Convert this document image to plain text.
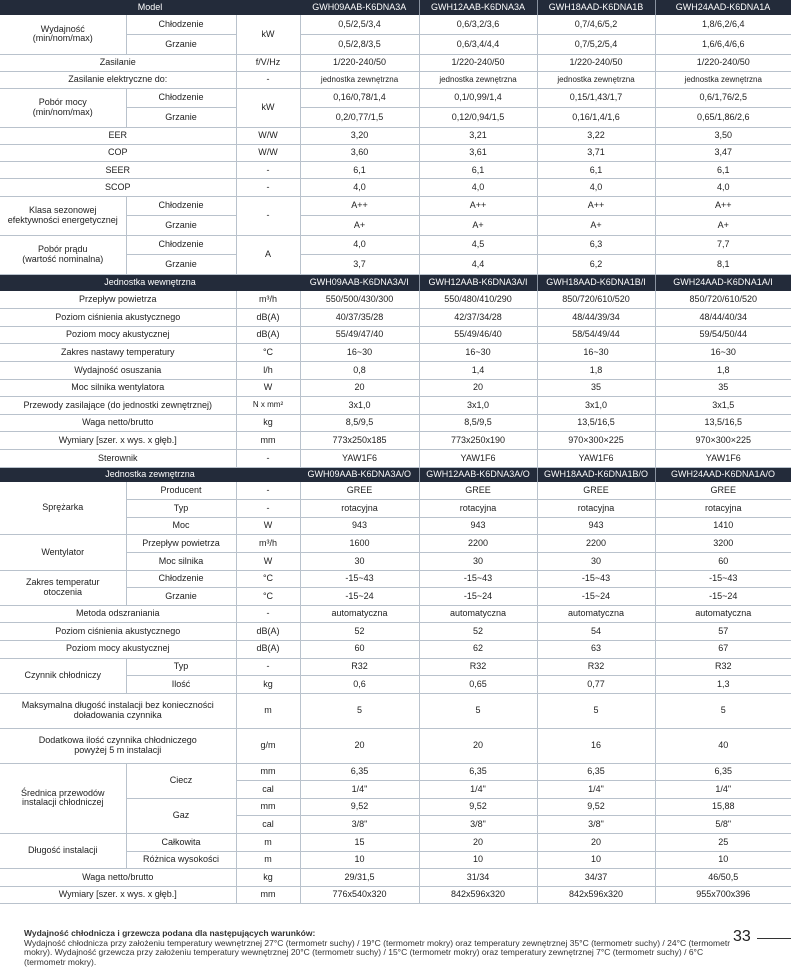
Model			GWH09AAB-K6DNA3A	GWH12AAB-K6DNA3A	GWH18AAD-K6DNA1B	GWH24AAD-K6DNA1A
Wydajność
(min/nom/max)	Chłodzenie	kW	0,5/2,5/3,4	0,6/3,2/3,6	0,7/4,6/5,2	1,8/6,2/6,4
	Grzanie		0,5/2,8/3,5	0,6/3,4/4,4	0,7/5,2/5,4	1,6/6,4/6,6
Zasilanie		f/V/Hz	1/220-240/50	1/220-240/50	1/220-240/50	1/220-240/50
Zasilanie elektryczne do:		-	jednostka zewnętrzna	jednostka zewnętrzna	jednostka zewnętrzna	jednostka zewnętrzna
Pobór mocy
(min/nom/max)	Chłodzenie	kW	0,16/0,78/1,4	0,1/0,99/1,4	0,15/1,43/1,7	0,6/1,76/2,5
	Grzanie		0,2/0,77/1,5	0,12/0,94/1,5	0,16/1,4/1,6	0,65/1,86/2,6
EER		W/W	3,20	3,21	3,22	3,50
COP		W/W	3,60	3,61	3,71	3,47
SEER		-	6,1	6,1	6,1	6,1
SCOP		-	4,0	4,0	4,0	4,0
Klasa sezonowej
efektywności energetycznej	Chłodzenie	-	A++	A++	A++	A++
	Grzanie		A+	A+	A+	A+
Pobór prądu
(wartość nominalna)	Chłodzenie	A	4,0	4,5	6,3	7,7
	Grzanie		3,7	4,4	6,2	8,1
Jednostka wewnętrzna			GWH09AAB-K6DNA3A/I	GWH12AAB-K6DNA3A/I	GWH18AAD-K6DNA1B/I	GWH24AAD-K6DNA1A/I
Przepływ powietrza		m³/h	550/500/430/300	550/480/410/290	850/720/610/520	850/720/610/520
Poziom ciśnienia akustycznego		dB(A)	40/37/35/28	42/37/34/28	48/44/39/34	48/44/40/34
Poziom mocy akustycznej		dB(A)	55/49/47/40	55/49/46/40	58/54/49/44	59/54/50/44
Zakres nastawy temperatury		°C	16~30	16~30	16~30	16~30
Wydajność osuszania		l/h	0,8	1,4	1,8	1,8
Moc silnika wentylatora		W	20	20	35	35
Przewody zasilające (do jednostki zewnętrznej)		N x mm²	3x1,0	3x1,0	3x1,0	3x1,5
Waga netto/brutto		kg	8,5/9,5	8,5/9,5	13,5/16,5	13,5/16,5
Wymiary [szer. x wys. x głęb.]		mm	773x250x185	773x250x190	970×300×225	970×300×225
Sterownik		-	YAW1F6	YAW1F6	YAW1F6	YAW1F6
Jednostka zewnętrzna			GWH09AAB-K6DNA3A/O	GWH12AAB-K6DNA3A/O	GWH18AAD-K6DNA1B/O	GWH24AAD-K6DNA1A/O
Sprężarka	Producent	-	GREE	GREE	GREE	GREE
	Typ	-	rotacyjna	rotacyjna	rotacyjna	rotacyjna
	Moc	W	943	943	943	1410
Wentylator	Przepływ powietrza	m³/h	1600	2200	2200	3200
	Moc silnika	W	30	30	30	60
Zakres temperatur
otoczenia	Chłodzenie	°C	-15~43	-15~43	-15~43	-15~43
	Grzanie	°C	-15~24	-15~24	-15~24	-15~24
Metoda odszraniania		-	automatyczna	automatyczna	automatyczna	automatyczna
Poziom ciśnienia akustycznego		dB(A)	52	52	54	57
Poziom mocy akustycznej		dB(A)	60	62	63	67
Czynnik chłodniczy	Typ	-	R32	R32	R32	R32
	Ilość	kg	0,6	0,65	0,77	1,3
Maksymalna długość instalacji bez konieczności
doładowania czynnika		m	5	5	5	5
Dodatkowa ilość czynnika chłodniczego
powyżej 5 m instalacji		g/m	20	20	16	40
Średnica przewodów
instalacji chłodniczej	Ciecz	mm	6,35	6,35	6,35	6,35
		cal	1/4"	1/4"	1/4"	1/4"
	Gaz	mm	9,52	9,52	9,52	15,88
		cal	3/8"	3/8"	3/8"	5/8"
Długość instalacji	Całkowita	m	15	20	20	25
	Różnica wysokości	m	10	10	10	10
Waga netto/brutto		kg	29/31,5	31/34	34/37	46/50,5
Wymiary [szer. x wys. x głęb.]		mm	776x540x320	842x596x320	842x596x320	955x700x396
Wydajność chłodnicza i grzewcza podana dla następujących warunków:
Wydajność chłodnicza przy założeniu temperatury wewnętrznej 27°C (termometr suchy) / 19°C (termometr mokry) oraz temperatury zewnętrznej 35°C (termometr suchy) / 24°C (termometr mokry). Wydajność grzewcza przy założeniu temperatury wewnętrznej 20°C (termometr suchy) / 15°C (termometr mokry) oraz temperatury zewnętrznej 7°C (termometr suchy) / 6°C (termometr mokry).
33
